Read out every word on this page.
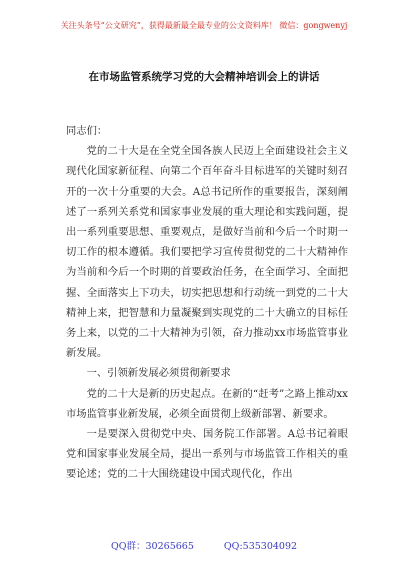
关注头条号“公文研究”，获得最新最全最专业的公文资料库！ 微信：gongwenyj
在市场监管系统学习党的大会精神培训会上的讲话

同志们：

党的二十大是在全党全国各族人民迈上全面建设社会主义现代化国家新征程、向第二个百年奋斗目标进军的关键时刻召开的一次十分重要的大会。A总书记所作的重要报告，深刻阐述了一系列关系党和国家事业发展的重大理论和实践问题，提出一系列重要思想、重要观点，是做好当前和今后一个时期一切工作的根本遵循。我们要把学习宣传贯彻党的二十大精神作为当前和今后一个时期的首要政治任务，在全面学习、全面把握、全面落实上下功夫，切实把思想和行动统一到党的二十大精神上来，把智慧和力量凝聚到实现党的二十大确立的目标任务上来，以党的二十大精神为引领，奋力推动xx市场监管事业新发展。

一、引领新发展必须贯彻新要求

党的二十大是新的历史起点。在新的“赶考”之路上推动xx市场监管事业新发展，必须全面贯彻上级新部署、新要求。

一是要深入贯彻党中央、国务院工作部署。A总书记着眼党和国家事业发展全局，提出一系列与市场监管工作相关的重要论述；党的二十大围绕建设中国式现代化，作出

QQ群：30265665	QQ:535304092
